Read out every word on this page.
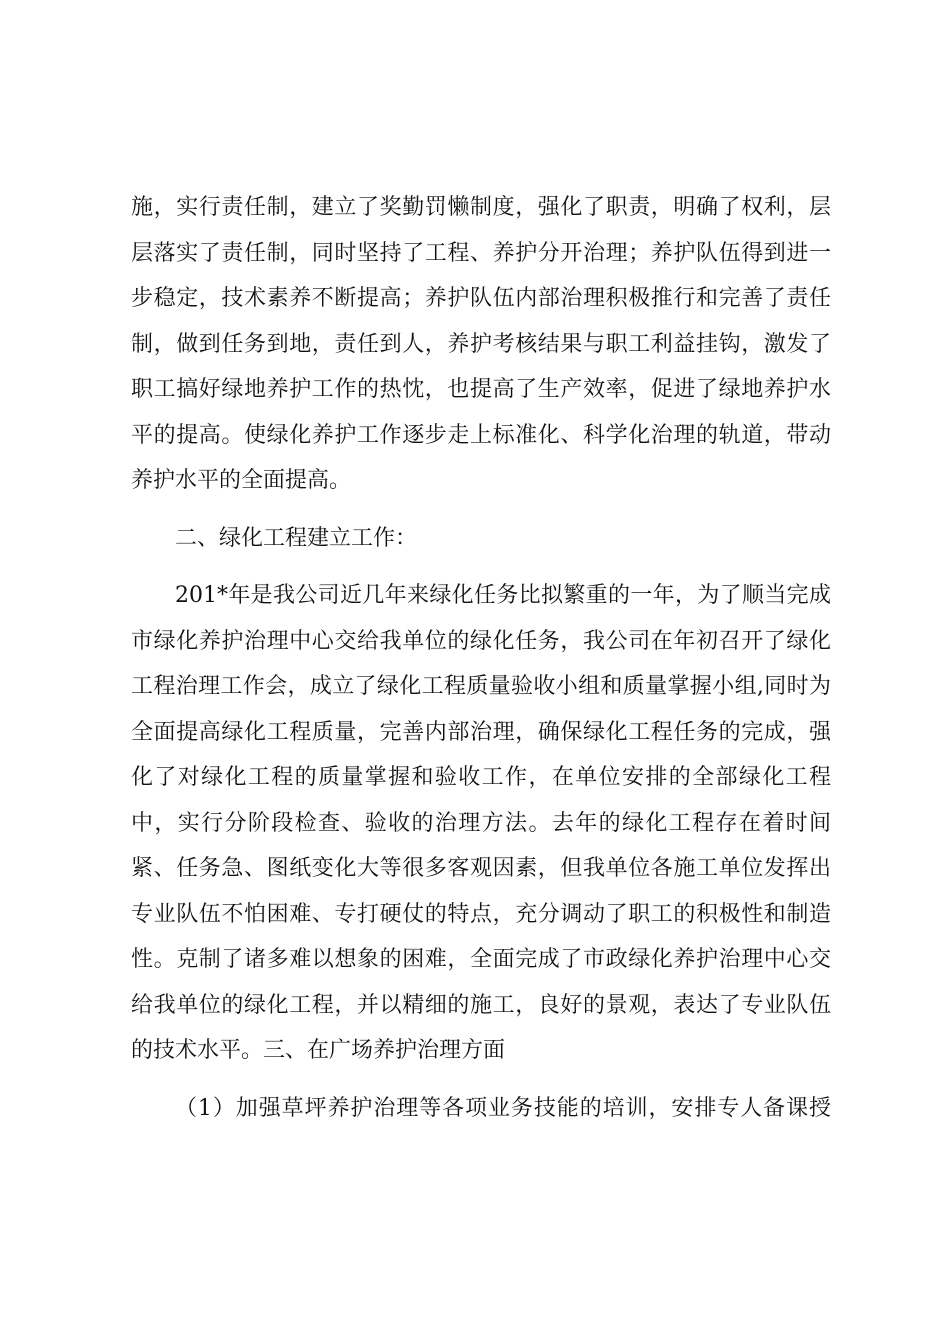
施，实行责任制，建立了奖勤罚懒制度，强化了职责，明确了权利，层
层落实了责任制，同时坚持了工程、养护分开治理；养护队伍得到进一
步稳定，技术素养不断提高；养护队伍内部治理积极推行和完善了责任
制，做到任务到地，责任到人，养护考核结果与职工利益挂钩，激发了
职工搞好绿地养护工作的热忱，也提高了生产效率，促进了绿地养护水
平的提高。使绿化养护工作逐步走上标准化、科学化治理的轨道，带动
养护水平的全面提高。
二、绿化工程建立工作：
201*年是我公司近几年来绿化任务比拟繁重的一年，为了顺当完成
市绿化养护治理中心交给我单位的绿化任务，我公司在年初召开了绿化
工程治理工作会，成立了绿化工程质量验收小组和质量掌握小组,同时为
全面提高绿化工程质量，完善内部治理，确保绿化工程任务的完成，强
化了对绿化工程的质量掌握和验收工作，在单位安排的全部绿化工程
中，实行分阶段检查、验收的治理方法。去年的绿化工程存在着时间
紧、任务急、图纸变化大等很多客观因素，但我单位各施工单位发挥出
专业队伍不怕困难、专打硬仗的特点，充分调动了职工的积极性和制造
性。克制了诸多难以想象的困难，全面完成了市政绿化养护治理中心交
给我单位的绿化工程，并以精细的施工，良好的景观，表达了专业队伍
的技术水平。三、在广场养护治理方面
（1）加强草坪养护治理等各项业务技能的培训，安排专人备课授
